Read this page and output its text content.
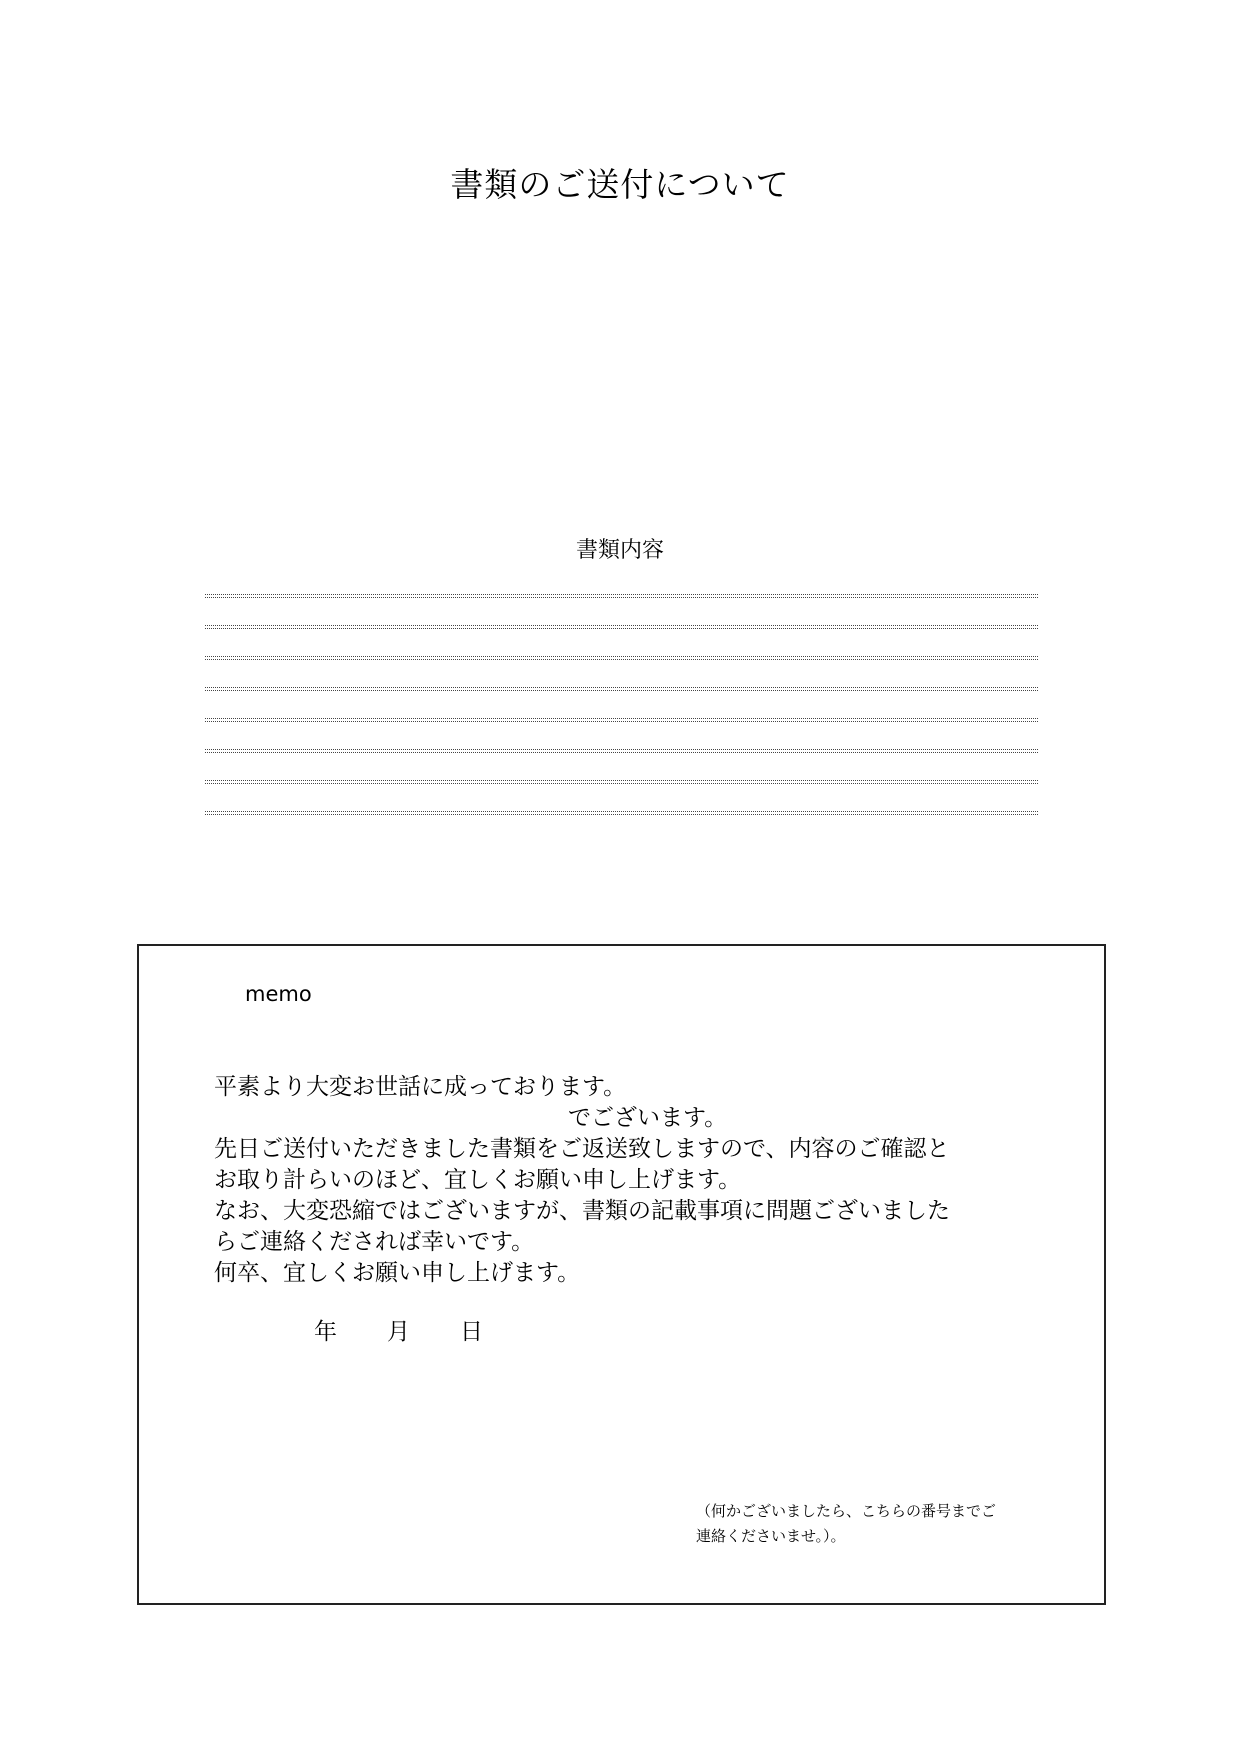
書類のご送付について
書類内容
memo
平素より大変お世話に成っております。
でございます。
先日ご送付いただきました書類をご返送致しますので、内容のご確認と
お取り計らいのほど、宜しくお願い申し上げます。
なお、大変恐縮ではございますが、書類の記載事項に問題ございました
らご連絡くだされば幸いです。
何卒、宜しくお願い申し上げます。
年 月 日
（何かございましたら、こちらの番号までご
連絡くださいませ。）。
